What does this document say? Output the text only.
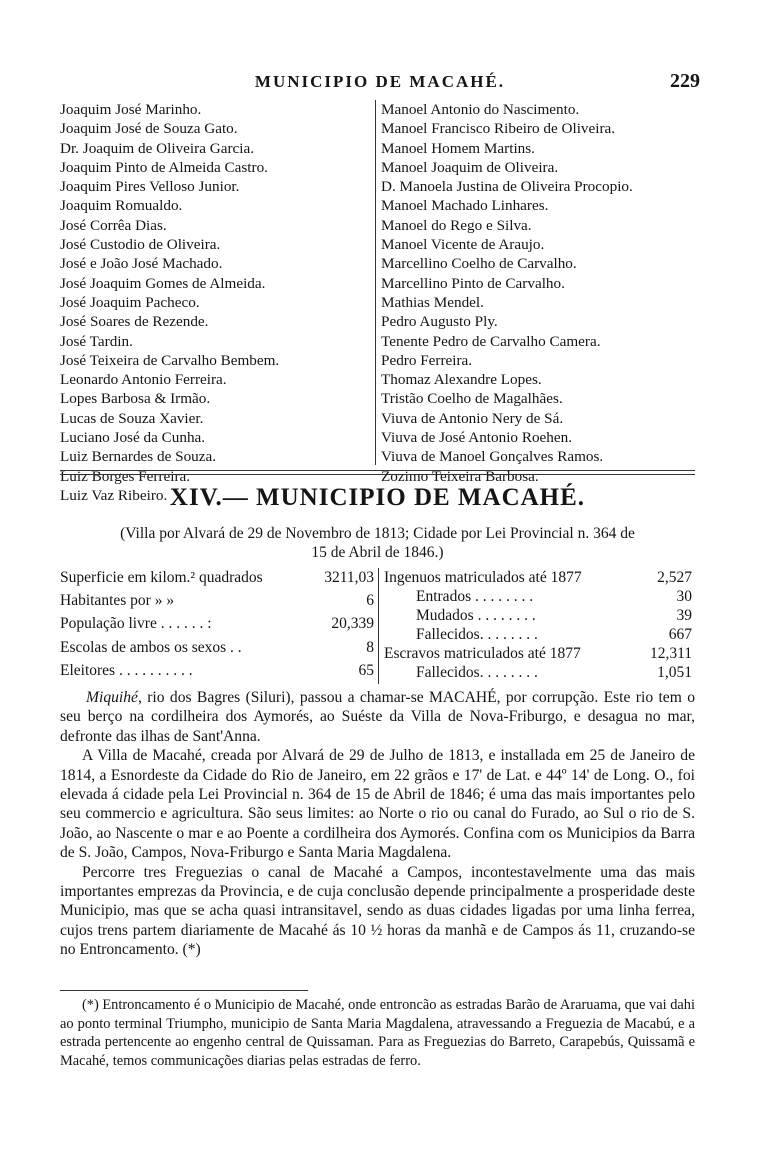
MUNICIPIO DE MACAHÉ.	229
Joaquim José Marinho.
Joaquim José de Souza Gato.
Dr. Joaquim de Oliveira Garcia.
Joaquim Pinto de Almeida Castro.
Joaquim Pires Velloso Junior.
Joaquim Romualdo.
José Corrêa Dias.
José Custodio de Oliveira.
José e João José Machado.
José Joaquim Gomes de Almeida.
José Joaquim Pacheco.
José Soares de Rezende.
José Tardin.
José Teixeira de Carvalho Bembem.
Leonardo Antonio Ferreira.
Lopes Barbosa & Irmão.
Lucas de Souza Xavier.
Luciano José da Cunha.
Luiz Bernardes de Souza.
Luiz Borges Ferreira.
Luiz Vaz Ribeiro.
Manoel Antonio do Nascimento.
Manoel Francisco Ribeiro de Oliveira.
Manoel Homem Martins.
Manoel Joaquim de Oliveira.
D. Manoela Justina de Oliveira Procopio.
Manoel Machado Linhares.
Manoel do Rego e Silva.
Manoel Vicente de Araujo.
Marcellino Coelho de Carvalho.
Marcellino Pinto de Carvalho.
Mathias Mendel.
Pedro Augusto Ply.
Tenente Pedro de Carvalho Camera.
Pedro Ferreira.
Thomaz Alexandre Lopes.
Tristão Coelho de Magalhães.
Viuva de Antonio Nery de Sá.
Viuva de José Antonio Roehen.
Viuva de Manoel Gonçalves Ramos.
Zozimo Teixeira Barbosa.
XIV.— MUNICIPIO DE MACAHÉ.
(Villa por Alvará de 29 de Novembro de 1813; Cidade por Lei Provincial n. 364 de
15 de Abril de 1846.)
Superficie em kilom.² quadrados	3211,03
Habitantes por » »	6
População livre . . . . . . :	20,339
Escolas de ambos os sexos . .	8
Eleitores . . . . . . . . . .	65
Ingenuos matriculados até 1877	2,527
Entrados . . . . . . . .	30
Mudados . . . . . . . .	39
Fallecidos. . . . . . . .	667
Escravos matriculados até 1877	12,311
Fallecidos. . . . . . . .	1,051

Miquihé, rio dos Bagres (Siluri), passou a chamar-se MACAHÉ, por corrupção. Este rio tem o seu berço na cordilheira dos Aymorés, ao Suéste da Villa de Nova-Friburgo, e desagua no mar, defronte das ilhas de Sant'Anna.

A Villa de Macahé, creada por Alvará de 29 de Julho de 1813, e installada em 25 de Janeiro de 1814, a Esnordeste da Cidade do Rio de Janeiro, em 22 grãos e 17' de Lat. e 44º 14' de Long. O., foi elevada á cidade pela Lei Provincial n. 364 de 15 de Abril de 1846; é uma das mais importantes pelo seu commercio e agricultura. São seus limites: ao Norte o rio ou canal do Furado, ao Sul o rio de S. João, ao Nascente o mar e ao Poente a cordilheira dos Aymorés. Confina com os Municipios da Barra de S. João, Campos, Nova-Friburgo e Santa Maria Magdalena.

Percorre tres Freguezias o canal de Macahé a Campos, incontestavelmente uma das mais importantes emprezas da Provincia, e de cuja conclusão depende principalmente a prosperidade deste Municipio, mas que se acha quasi intransitavel, sendo as duas cidades ligadas por uma linha ferrea, cujos trens partem diariamente de Macahé ás 10 ½ horas da manhã e de Campos ás 11, cruzando-se no Entroncamento. (*)

(*) Entroncamento é o Municipio de Macahé, onde entroncão as estradas Barão de Araruama, que vai dahi ao ponto terminal Triumpho, municipio de Santa Maria Magdalena, atravessando a Freguezia de Macabú, e a estrada pertencente ao engenho central de Quissaman. Para as Freguezias do Barreto, Carapebús, Quissamã e Macahé, temos communicações diarias pelas estradas de ferro.
